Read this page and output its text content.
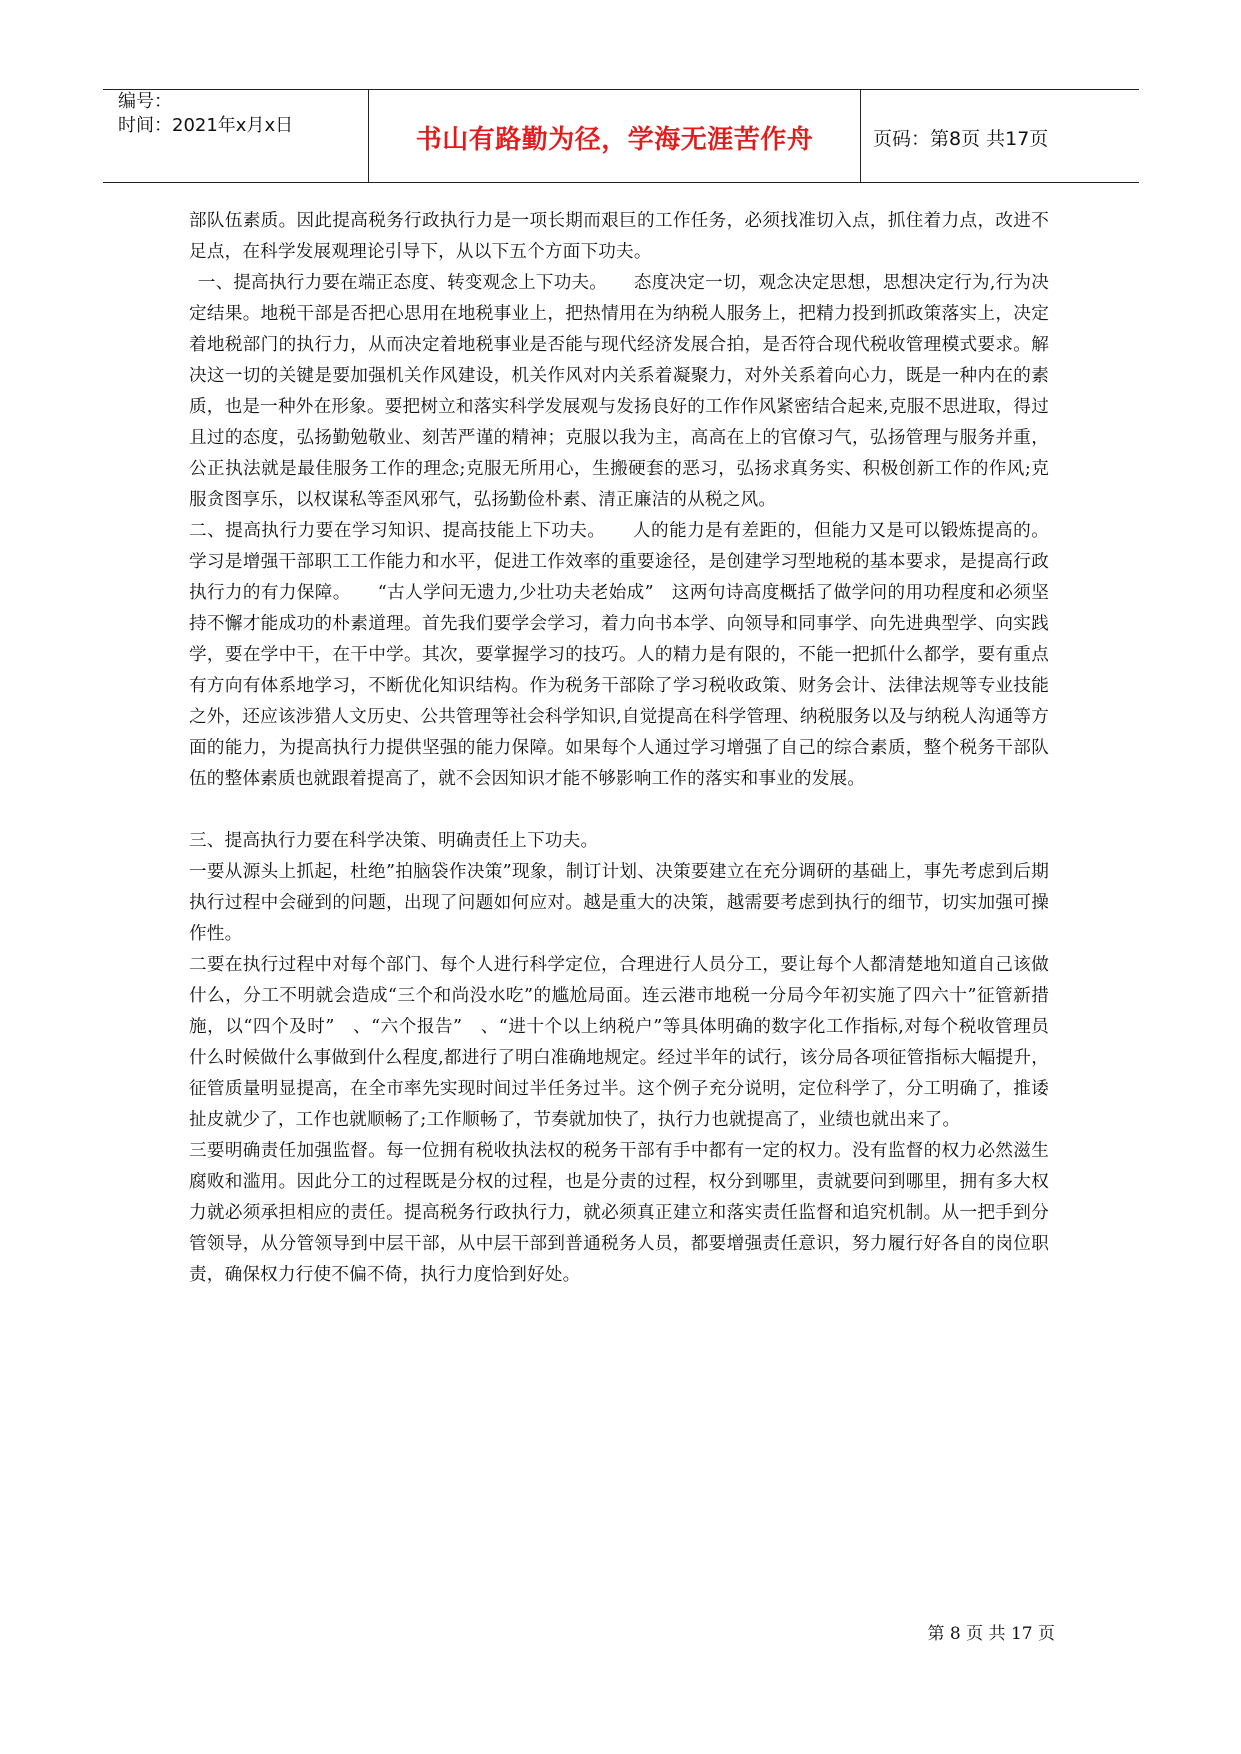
编号：
时间：2021年x月x日	书山有路勤为径，学海无涯苦作舟	页码：第8页 共17页

部队伍素质。因此提高税务行政执行力是一项长期而艰巨的工作任务，必须找准切入点，抓住着力点，改进不足点，在科学发展观理论引导下，从以下五个方面下功夫。

一、提高执行力要在端正态度、转变观念上下功夫。　　态度决定一切，观念决定思想，思想决定行为,行为决定结果。地税干部是否把心思用在地税事业上，把热情用在为纳税人服务上，把精力投到抓政策落实上，决定着地税部门的执行力，从而决定着地税事业是否能与现代经济发展合拍，是否符合现代税收管理模式要求。解决这一切的关键是要加强机关作风建设，机关作风对内关系着凝聚力，对外关系着向心力，既是一种内在的素质，也是一种外在形象。要把树立和落实科学发展观与发扬良好的工作作风紧密结合起来,克服不思进取，得过且过的态度，弘扬勤勉敬业、刻苦严谨的精神；克服以我为主，高高在上的官僚习气，弘扬管理与服务并重，公正执法就是最佳服务工作的理念;克服无所用心，生搬硬套的恶习，弘扬求真务实、积极创新工作的作风;克服贪图享乐，以权谋私等歪风邪气，弘扬勤俭朴素、清正廉洁的从税之风。

二、提高执行力要在学习知识、提高技能上下功夫。　　人的能力是有差距的，但能力又是可以锻炼提高的。学习是增强干部职工工作能力和水平，促进工作效率的重要途径，是创建学习型地税的基本要求，是提高行政执行力的有力保障。　　“古人学问无遗力,少壮功夫老始成”　这两句诗高度概括了做学问的用功程度和必须坚持不懈才能成功的朴素道理。首先我们要学会学习，着力向书本学、向领导和同事学、向先进典型学、向实践学，要在学中干，在干中学。其次，要掌握学习的技巧。人的精力是有限的，不能一把抓什么都学，要有重点有方向有体系地学习，不断优化知识结构。作为税务干部除了学习税收政策、财务会计、法律法规等专业技能之外，还应该涉猎人文历史、公共管理等社会科学知识,自觉提高在科学管理、纳税服务以及与纳税人沟通等方面的能力，为提高执行力提供坚强的能力保障。如果每个人通过学习增强了自己的综合素质，整个税务干部队伍的整体素质也就跟着提高了，就不会因知识才能不够影响工作的落实和事业的发展。

三、提高执行力要在科学决策、明确责任上下功夫。

一要从源头上抓起，杜绝”拍脑袋作决策”现象，制订计划、决策要建立在充分调研的基础上，事先考虑到后期执行过程中会碰到的问题，出现了问题如何应对。越是重大的决策，越需要考虑到执行的细节，切实加强可操作性。

二要在执行过程中对每个部门、每个人进行科学定位，合理进行人员分工，要让每个人都清楚地知道自己该做什么，分工不明就会造成“三个和尚没水吃”的尴尬局面。连云港市地税一分局今年初实施了四六十”征管新措施，以“四个及时”　、“六个报告”　、“进十个以上纳税户”等具体明确的数字化工作指标,对每个税收管理员什么时候做什么事做到什么程度,都进行了明白准确地规定。经过半年的试行，该分局各项征管指标大幅提升，征管质量明显提高，在全市率先实现时间过半任务过半。这个例子充分说明，定位科学了，分工明确了，推诿扯皮就少了，工作也就顺畅了;工作顺畅了，节奏就加快了，执行力也就提高了，业绩也就出来了。

三要明确责任加强监督。每一位拥有税收执法权的税务干部有手中都有一定的权力。没有监督的权力必然滋生腐败和滥用。因此分工的过程既是分权的过程，也是分责的过程，权分到哪里，责就要问到哪里，拥有多大权力就必须承担相应的责任。提高税务行政执行力，就必须真正建立和落实责任监督和追究机制。从一把手到分管领导，从分管领导到中层干部，从中层干部到普通税务人员，都要增强责任意识，努力履行好各自的岗位职责，确保权力行使不偏不倚，执行力度恰到好处。

第 8 页 共 17 页
